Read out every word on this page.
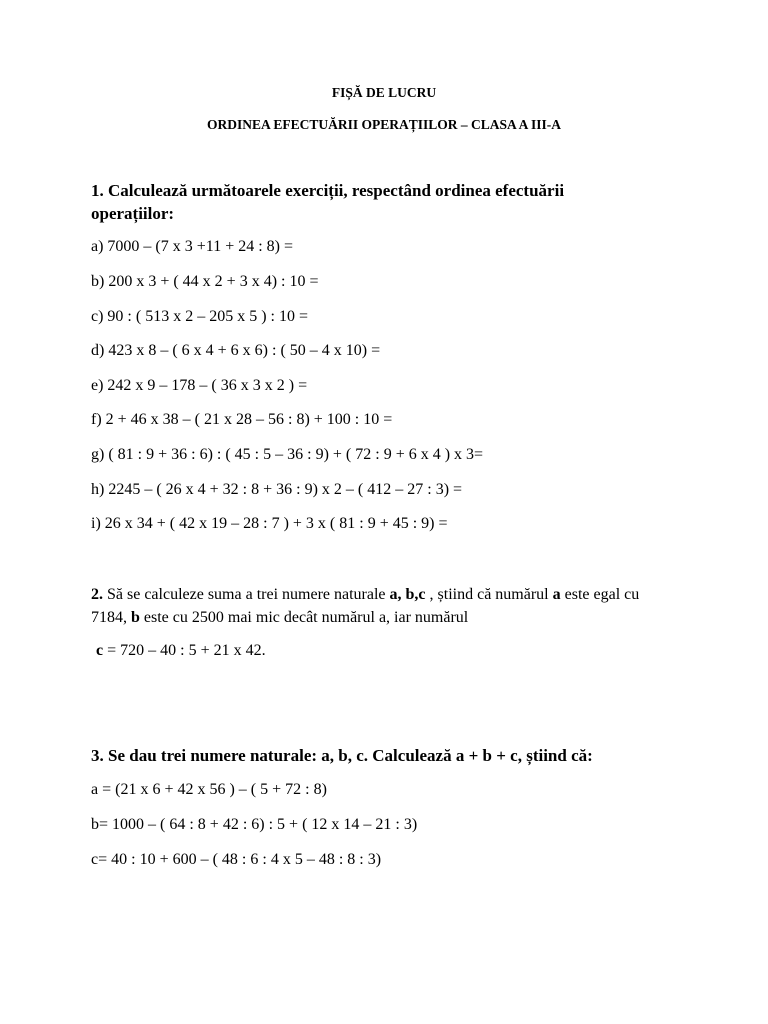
FIȘĂ DE LUCRU
ORDINEA EFECTUĂRII OPERAȚIILOR – CLASA A III-A
1. Calculează următoarele exerciții, respectând ordinea efectuării operațiilor:
a) 7000 – (7 x 3 +11 + 24 : 8) =
b) 200 x 3 + ( 44 x 2 + 3 x 4) : 10 =
c) 90 : ( 513 x 2 – 205 x 5 ) : 10 =
d) 423 x 8 – ( 6 x 4 + 6 x 6) : ( 50 – 4 x 10) =
e) 242 x 9 – 178 – ( 36 x 3 x 2 ) =
f) 2 + 46 x 38 – ( 21 x 28 – 56 : 8) + 100 : 10 =
g) ( 81 : 9 + 36 : 6) : ( 45 : 5 – 36 : 9) + ( 72 : 9 + 6 x 4 ) x 3=
h) 2245 – ( 26 x 4 + 32 : 8 + 36 : 9) x 2 – ( 412 – 27 : 3) =
i) 26 x 34 + ( 42 x 19 – 28 : 7 ) + 3 x ( 81 : 9 + 45 : 9) =
2. Să se calculeze suma a trei numere naturale a, b,c , știind că numărul a este egal cu 7184, b este cu 2500 mai mic decât numărul a, iar numărul
c = 720 – 40 : 5 + 21 x 42.
3. Se dau trei numere naturale: a, b, c. Calculează a + b + c, știind că:
a = (21 x 6 + 42 x 56 ) – ( 5 + 72 : 8)
b= 1000 – ( 64 : 8 + 42 : 6) : 5 + ( 12 x 14 – 21 : 3)
c= 40 : 10 + 600 – ( 48 : 6 : 4 x 5 – 48 : 8 : 3)
